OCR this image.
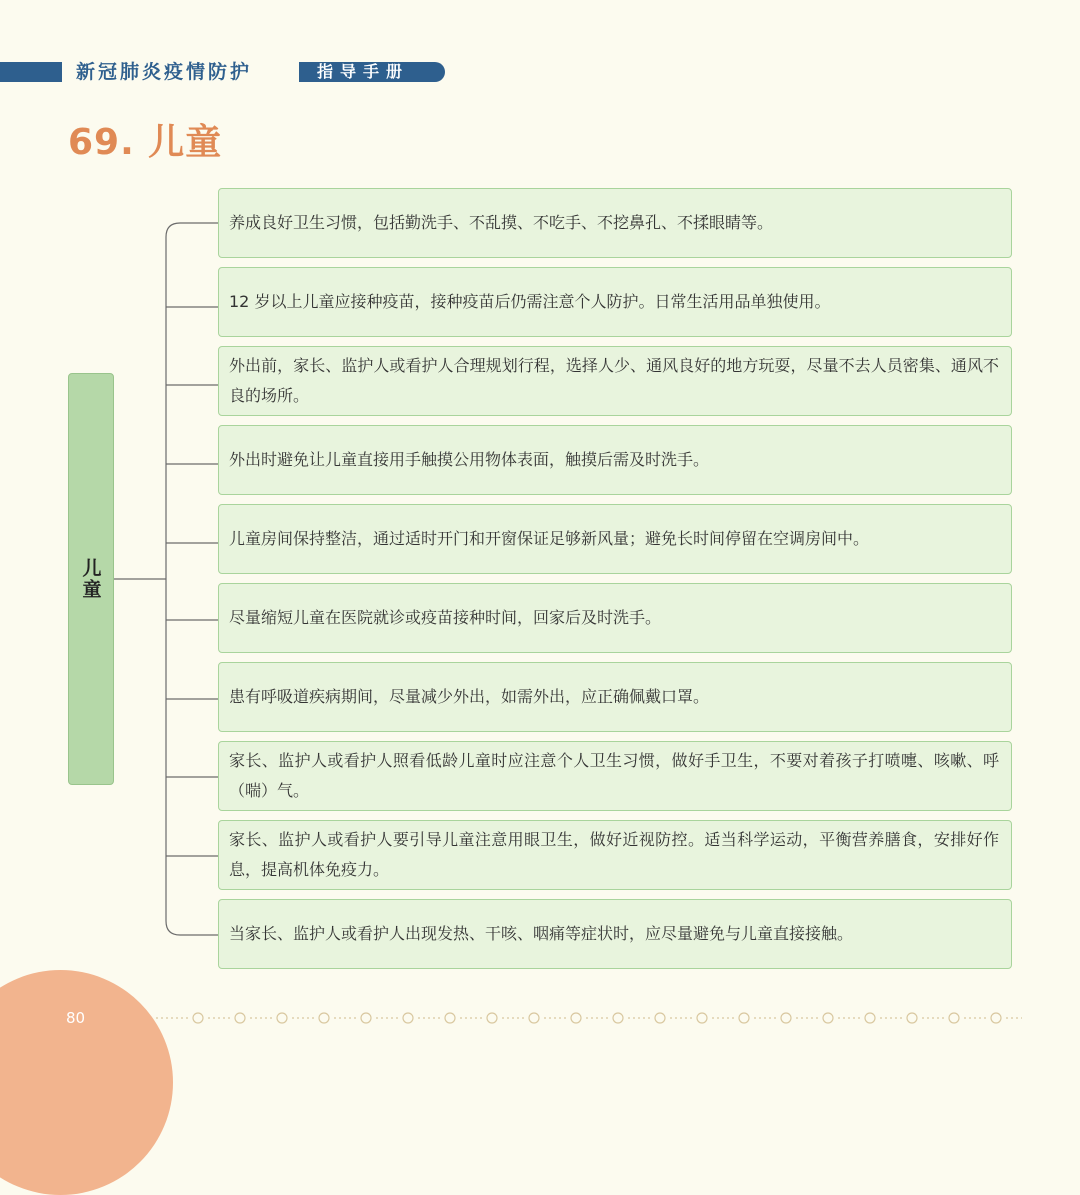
新冠肺炎疫情防护	指导手册
69. 儿童
儿童
养成良好卫生习惯，包括勤洗手、不乱摸、不吃手、不挖鼻孔、不揉眼睛等。
12 岁以上儿童应接种疫苗，接种疫苗后仍需注意个人防护。日常生活用品单独使用。
外出前，家长、监护人或看护人合理规划行程，选择人少、通风良好的地方玩耍，尽量不去人员密集、通风不良的场所。
外出时避免让儿童直接用手触摸公用物体表面，触摸后需及时洗手。
儿童房间保持整洁，通过适时开门和开窗保证足够新风量；避免长时间停留在空调房间中。
尽量缩短儿童在医院就诊或疫苗接种时间，回家后及时洗手。
患有呼吸道疾病期间，尽量减少外出，如需外出，应正确佩戴口罩。
家长、监护人或看护人照看低龄儿童时应注意个人卫生习惯，做好手卫生，不要对着孩子打喷嚏、咳嗽、呼（喘）气。
家长、监护人或看护人要引导儿童注意用眼卫生，做好近视防控。适当科学运动，平衡营养膳食，安排好作息，提高机体免疫力。
当家长、监护人或看护人出现发热、干咳、咽痛等症状时，应尽量避免与儿童直接接触。
80
